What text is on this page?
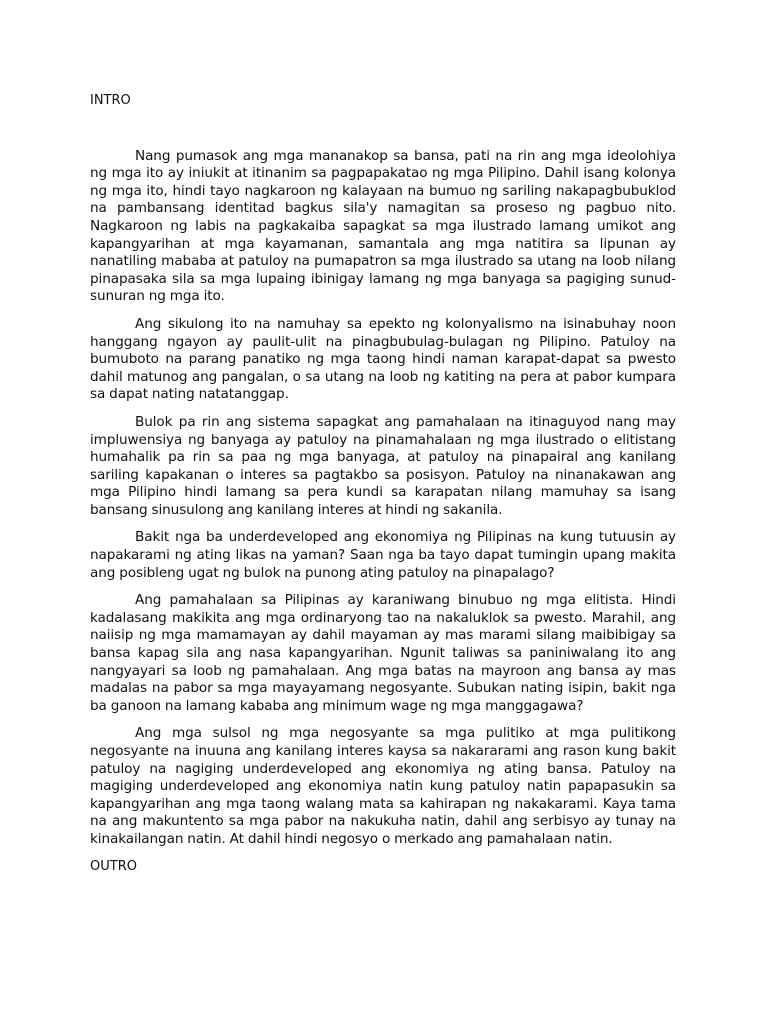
INTRO

Nang pumasok ang mga mananakop sa bansa, pati na rin ang mga ideolohiya ng mga ito ay iniukit at itinanim sa pagpapakatao ng mga Pilipino. Dahil isang kolonya ng mga ito, hindi tayo nagkaroon ng kalayaan na bumuo ng sariling nakapagbubuklod na pambansang identitad bagkus sila'y namagitan sa proseso ng pagbuo nito. Nagkaroon ng labis na pagkakaiba sapagkat sa mga ilustrado lamang umikot ang kapangyarihan at mga kayamanan, samantala ang mga natitira sa lipunan ay nanatiling mababa at patuloy na pumapatron sa mga ilustrado sa utang na loob nilang pinapasaka sila sa mga lupaing ibinigay lamang ng mga banyaga sa pagiging sunud-sunuran ng mga ito.

Ang sikulong ito na namuhay sa epekto ng kolonyalismo na isinabuhay noon hanggang ngayon ay paulit-ulit na pinagbubulag-bulagan ng Pilipino. Patuloy na bumuboto na parang panatiko ng mga taong hindi naman karapat-dapat sa pwesto dahil matunog ang pangalan, o sa utang na loob ng katiting na pera at pabor kumpara sa dapat nating natatanggap.

Bulok pa rin ang sistema sapagkat ang pamahalaan na itinaguyod nang may impluwensiya ng banyaga ay patuloy na pinamahalaan ng mga ilustrado o elitistang humahalik pa rin sa paa ng mga banyaga, at patuloy na pinapairal ang kanilang sariling kapakanan o interes sa pagtakbo sa posisyon. Patuloy na ninanakawan ang mga Pilipino hindi lamang sa pera kundi sa karapatan nilang mamuhay sa isang bansang sinusulong ang kanilang interes at hindi ng sakanila.

Bakit nga ba underdeveloped ang ekonomiya ng Pilipinas na kung tutuusin ay napakarami ng ating likas na yaman? Saan nga ba tayo dapat tumingin upang makita ang posibleng ugat ng bulok na punong ating patuloy na pinapalago?

Ang pamahalaan sa Pilipinas ay karaniwang binubuo ng mga elitista. Hindi kadalasang makikita ang mga ordinaryong tao na nakaluklok sa pwesto. Marahil, ang naiisip ng mga mamamayan ay dahil mayaman ay mas marami silang maibibigay sa bansa kapag sila ang nasa kapangyarihan. Ngunit taliwas sa paniniwalang ito ang nangyayari sa loob ng pamahalaan. Ang mga batas na mayroon ang bansa ay mas madalas na pabor sa mga mayayamang negosyante. Subukan nating isipin, bakit nga ba ganoon na lamang kababa ang minimum wage ng mga manggagawa?

Ang mga sulsol ng mga negosyante sa mga pulitiko at mga pulitikong negosyante na inuuna ang kanilang interes kaysa sa nakararami ang rason kung bakit patuloy na nagiging underdeveloped ang ekonomiya ng ating bansa. Patuloy na magiging underdeveloped ang ekonomiya natin kung patuloy natin papapasukin sa kapangyarihan ang mga taong walang mata sa kahirapan ng nakakarami. Kaya tama na ang makuntento sa mga pabor na nakukuha natin, dahil ang serbisyo ay tunay na kinakailangan natin. At dahil hindi negosyo o merkado ang pamahalaan natin.

OUTRO
